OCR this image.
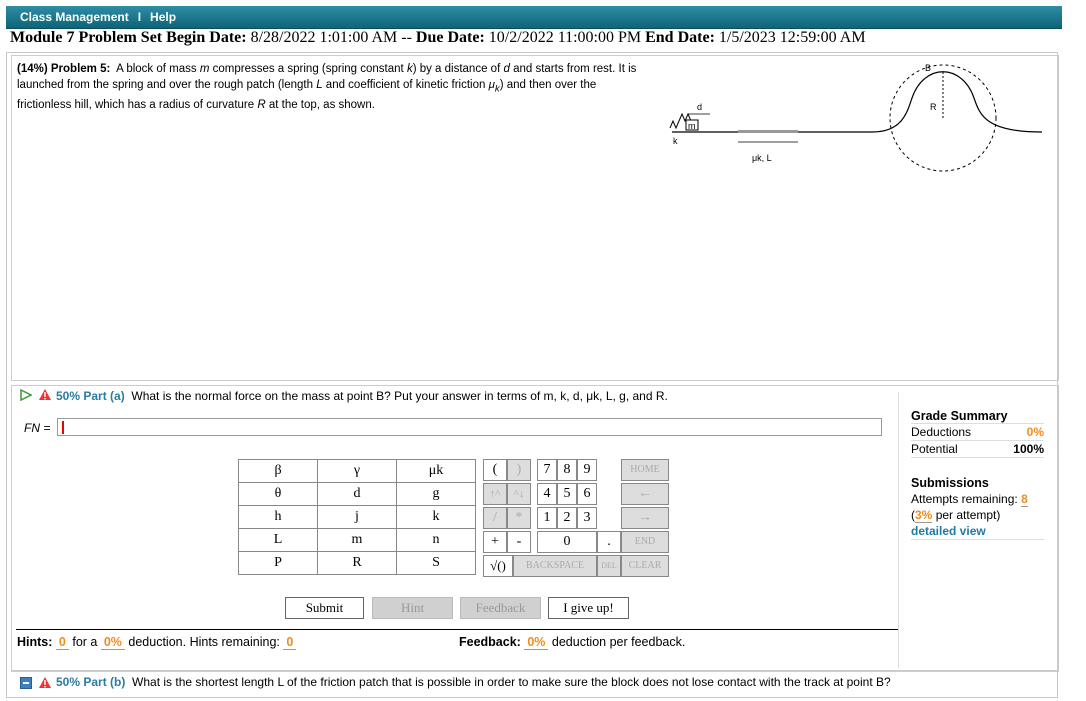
Class Management I Help
Module 7 Problem Set Begin Date: 8/28/2022 1:01:00 AM -- Due Date: 10/2/2022 11:00:00 PM End Date: 1/5/2023 12:59:00 AM
(14%) Problem 5: A block of mass m compresses a spring (spring constant k) by a distance of d and starts from rest. It is launched from the spring and over the rough patch (length L and coefficient of kinetic friction $\mu_k$) and then over the frictionless hill, which has a radius of curvature R at the top, as shown.
B
R
m
k
d
μk, L
50% Part (a) What is the normal force on the mass at point B? Put your answer in terms of m, k, d, μk, L, g, and R.
FN =
β	γ	μk
θ	d	g
h	j	k
L	m	n
P	R	S
(	)
↑^	^↓
/	*
+	-
√()
7 8 9
4 5 6
1 2 3
0	.
HOME
←
→
END
BACKSPACE	DEL	CLEAR
Submit	Hint	Feedback	I give up!
Hints: 0 for a 0% deduction. Hints remaining: 0	Feedback: 0% deduction per feedback.
Grade Summary
Deductions	0%
Potential	100%
Submissions
Attempts remaining: 8
(3% per attempt)
detailed view
50% Part (b) What is the shortest length L of the friction patch that is possible in order to make sure the block does not lose contact with the track at point B?
